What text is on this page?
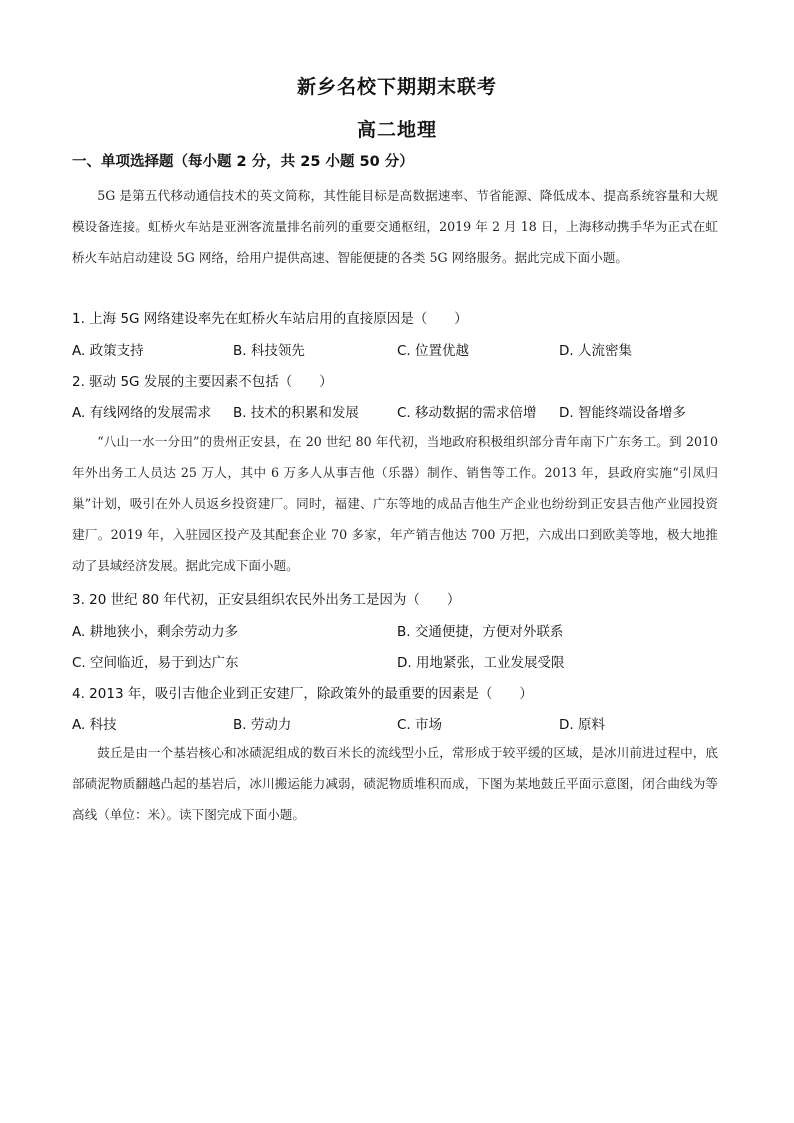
新乡名校下期期末联考
高二地理
一、单项选择题（每小题 2 分，共 25 小题 50 分）
5G 是第五代移动通信技术的英文简称，其性能目标是高数据速率、节省能源、降低成本、提高系统容量和大规模设备连接。虹桥火车站是亚洲客流量排名前列的重要交通枢纽，2019 年 2 月 18 日，上海移动携手华为正式在虹桥火车站启动建设 5G 网络，给用户提供高速、智能便捷的各类 5G 网络服务。据此完成下面小题。
1. 上海 5G 网络建设率先在虹桥火车站启用的直接原因是（　　）
A. 政策支持	B. 科技领先	C. 位置优越	D. 人流密集
2. 驱动 5G 发展的主要因素不包括（　　）
A. 有线网络的发展需求 B. 技术的积累和发展	C. 移动数据的需求倍增 D. 智能终端设备增多
“八山一水一分田”的贵州正安县，在 20 世纪 80 年代初，当地政府积极组织部分青年南下广东务工。到 2010 年外出务工人员达 25 万人，其中 6 万多人从事吉他（乐器）制作、销售等工作。2013 年，县政府实施“引凤归巢”计划，吸引在外人员返乡投资建厂。同时，福建、广东等地的成品吉他生产企业也纷纷到正安县吉他产业园投资建厂。2019 年，入驻园区投产及其配套企业 70 多家，年产销吉他达 700 万把，六成出口到欧美等地，极大地推动了县域经济发展。据此完成下面小题。
3. 20 世纪 80 年代初，正安县组织农民外出务工是因为（　　）
A. 耕地狭小，剩余劳动力多	B. 交通便捷，方便对外联系
C. 空间临近，易于到达广东	D. 用地紧张，工业发展受限
4. 2013 年，吸引吉他企业到正安建厂，除政策外的最重要的因素是（　　）
A. 科技	B. 劳动力	C. 市场	D. 原料
鼓丘是由一个基岩核心和冰碛泥组成的数百米长的流线型小丘，常形成于较平缓的区域，是冰川前进过程中，底部碛泥物质翻越凸起的基岩后，冰川搬运能力减弱，碛泥物质堆积而成，下图为某地鼓丘平面示意图，闭合曲线为等高线（单位：米）。读下图完成下面小题。
